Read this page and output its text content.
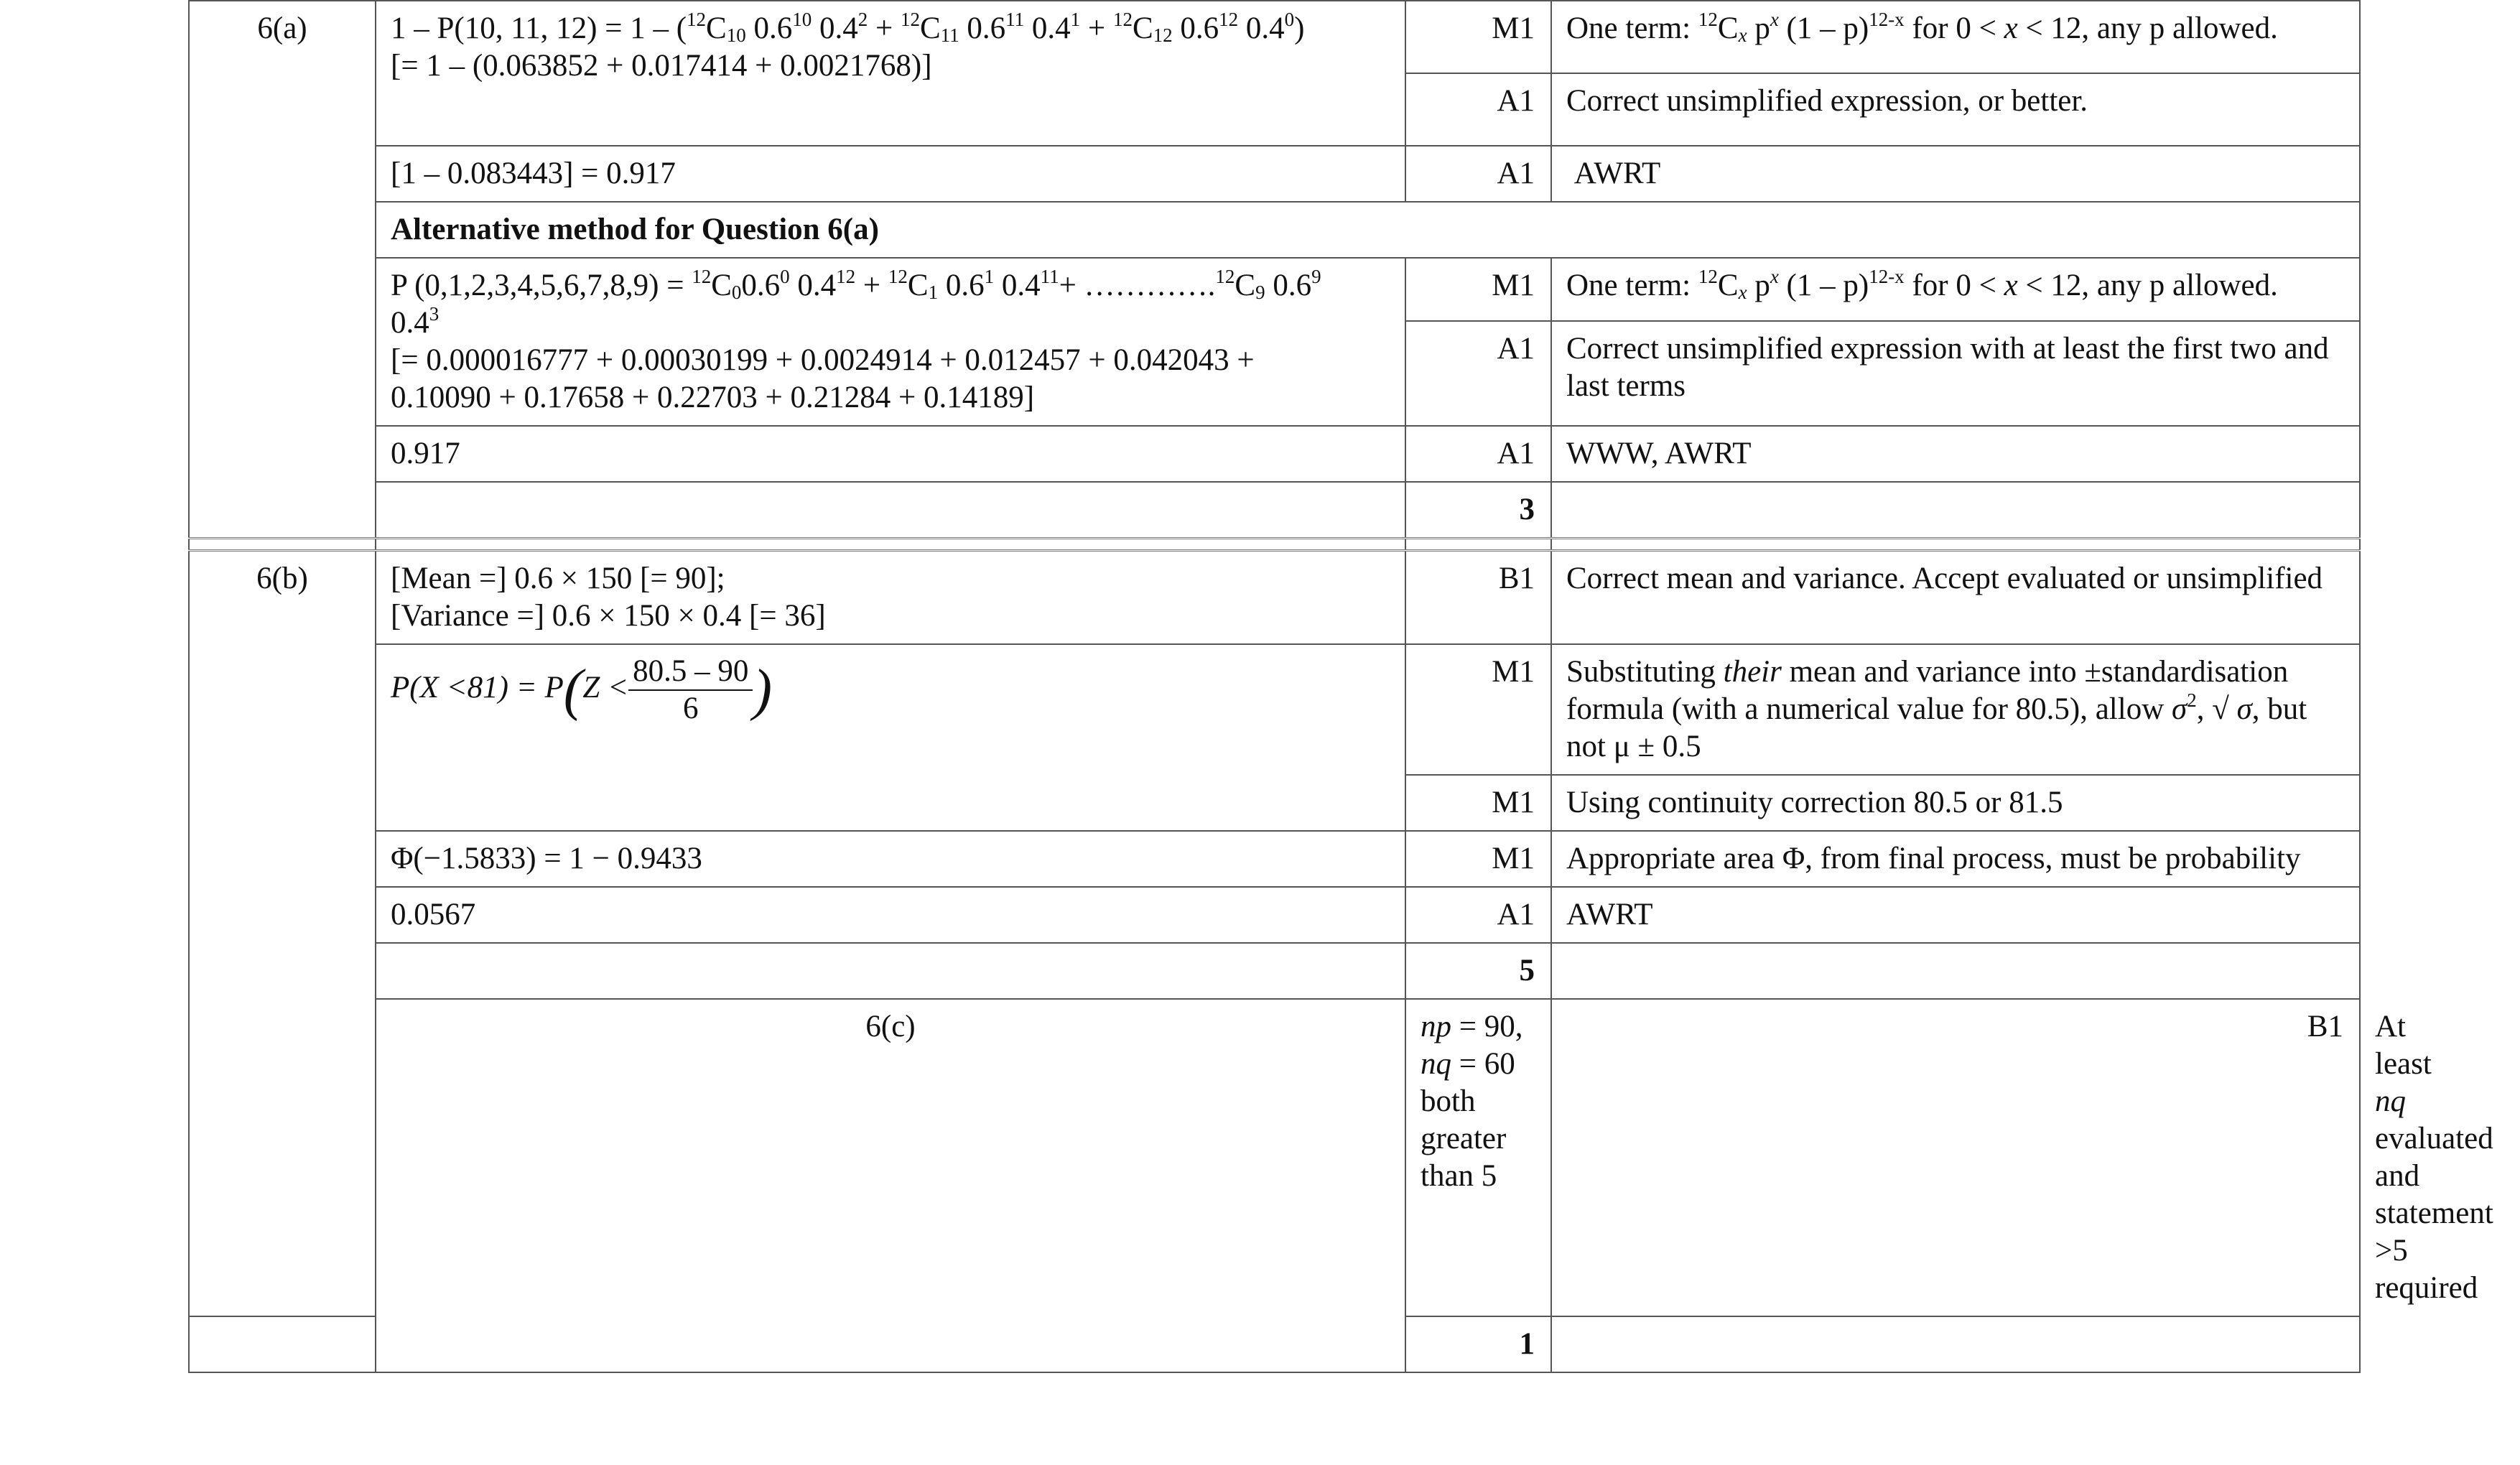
6(a)	1 – P(10, 11, $12) = 1 - (^{12}C_{10}$ $0.6^{10}$ $0.4^2 + ^{12}C_{11}$ $0.6^{11}$ $0.4^1 + ^{12}C_{12}$ $0.6^{12}$ $0.4^0$)
[= 1 – (0.063852 + 0.017414 + 0.0021768)]	M1	One term: $^{12}C_x$ $p^x$ (1 – p)$^{12-x}$ for 0 < x < 12, any p allowed.	
		A1	Correct unsimplified expression, or better.	
	[1 – 0.083443] = 0.917	A1	AWRT	
	Alternative method for Question 6(a)			

	P $(0,1,2,3,4,5,6,7,8,9) = ^{12}C_00.6^0$ $0.4^{12} + ^{12}C_1$ $0.6^1$ $0.4^{11}+$ $\dots\dots\dots\dots.^{12}C_9$ $0.6^9$
$0.4^3$
[= 0.000016777 + 0.00030199 + 0.0024914 + 0.012457 + 0.042043 +
0.10090 + 0.17658 + 0.22703 + 0.21284 + 0.14189]	M1	One term: $^{12}C_x$ $p^x$ (1 – p)$^{12-x}$ for 0 < x < 12, any p allowed.	
		A1	Correct unsimplified expression with at least the first two and last terms	
	0.917	A1	WWW, AWRT	
		3		

6(b)	[Mean =] 0.6 × 150 [= 90];
[Variance =] 0.6 × 150 × 0.4 [= 36]	B1	Correct mean and variance. Accept evaluated or unsimplified	

	$P(X <81) = P(Z < \frac{80.5 - 90}{6}$ )	M1	Substituting their mean and variance into ±standardisation formula (with a numerical value for 80.5), allow $\sigma^2$, √ σ, but not μ ± 0.5	
		M1	Using continuity correction 80.5 or 81.5	
	Φ(−1.5833) = 1 − 0.9433	M1	Appropriate area Φ, from final process, must be probability	
	0.0567	A1	AWRT	
		5		
	6(c)	np = 90, nq = 60 both greater than 5	B1	At least nq evaluated and statement >5 required
		1		
